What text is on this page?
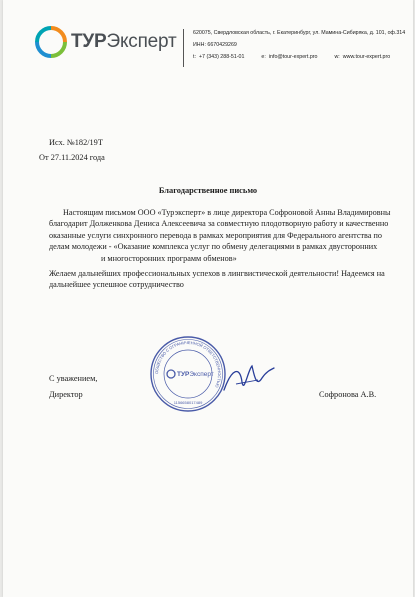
ТУРЭксперт	620075, Свердловская область, г. Екатеринбург, ул. Мамина-Сибиряка, д. 101, оф.314
ИНН: 6670429269
t: +7 (343) 288-51-01	e: info@tour-expert.pro	w: www.tour-expert.pro
Исх. №182/19Т
От 27.11.2024 года
Благодарственное письмо
Настоящим письмом ООО «Турэксперт» в лице директора Софроновой Анны Владимировны
благодарит Долженкова Дениса Алексеевича за совместную плодотворную работу и качественно
оказанные услуги синхронного перевода в рамках мероприятия для Федерального агентства по
делам молодежи - «Оказание комплекса услуг по обмену делегациями в рамках двусторонних
и многосторонних программ обменов»
Желаем дальнейших профессиональных успехов в лингвистической деятельности! Надеемся на
дальнейшее успешное сотрудничество
С уважением,
Директор	Софронова А.В.
ОБЩЕСТВО С ОГРАНИЧЕННОЙ ОТВЕТСТВЕННОСТЬЮ
ТУРЭксперт
1156658017489
